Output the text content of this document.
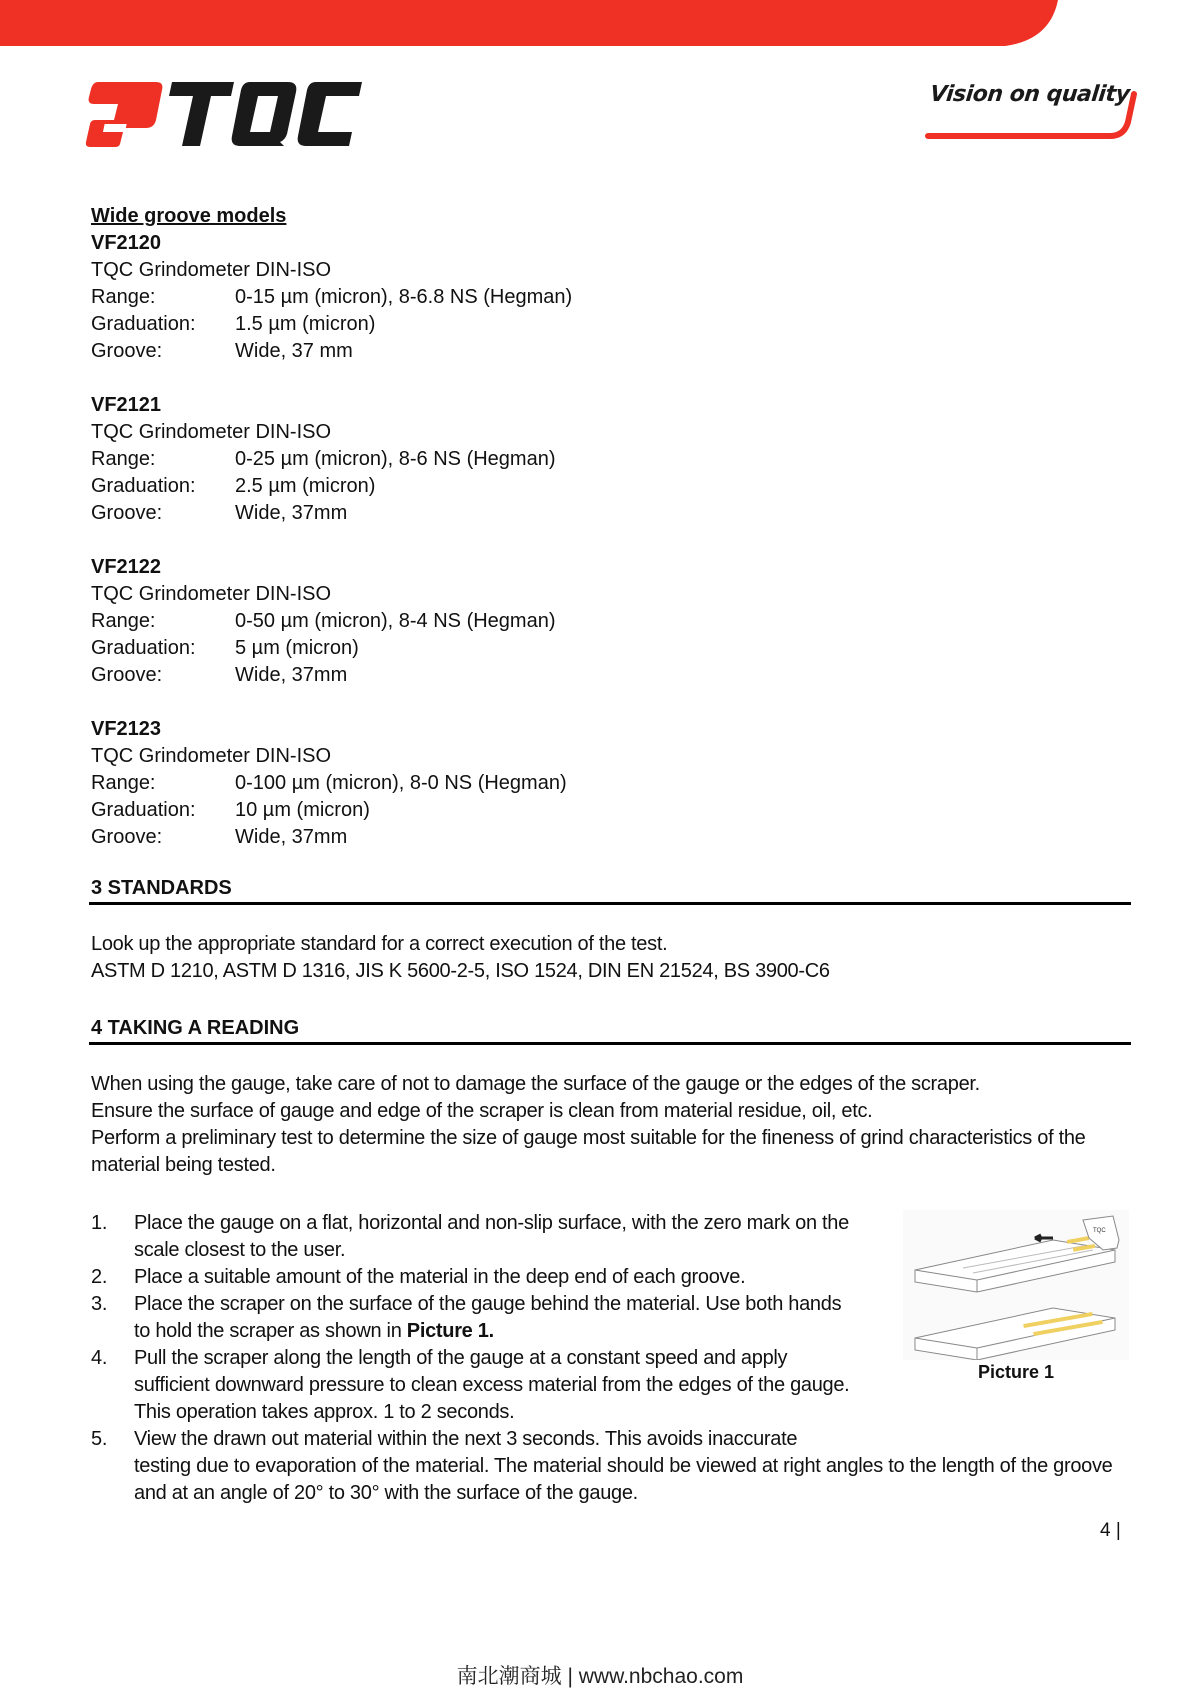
Vision on quality
Wide groove models
VF2120
TQC Grindometer DIN-ISO
Range:	0-15 µm (micron), 8-6.8 NS (Hegman)
Graduation:	1.5 µm (micron)
Groove:	Wide, 37 mm
VF2121
TQC Grindometer DIN-ISO
Range:	0-25 µm (micron), 8-6 NS (Hegman)
Graduation:	2.5 µm (micron)
Groove:	Wide, 37mm
VF2122
TQC Grindometer DIN-ISO
Range:	0-50 µm (micron), 8-4 NS (Hegman)
Graduation:	5 µm (micron)
Groove:	Wide, 37mm
VF2123
TQC Grindometer DIN-ISO
Range:	0-100 µm (micron), 8-0 NS (Hegman)
Graduation:	10 µm (micron)
Groove:	Wide, 37mm
3 STANDARDS
Look up the appropriate standard for a correct execution of the test.
ASTM D 1210, ASTM D 1316, JIS K 5600-2-5, ISO 1524, DIN EN 21524, BS 3900-C6
4 TAKING A READING
When using the gauge, take care of not to damage the surface of the gauge or the edges of the scraper.
Ensure the surface of gauge and edge of the scraper is clean from material residue, oil, etc.
Perform a preliminary test to determine the size of gauge most suitable for the fineness of grind characteristics of the material being tested.
1.	Place the gauge on a flat, horizontal and non-slip surface, with the zero mark on the scale closest to the user.
2.	Place a suitable amount of the material in the deep end of each groove.
3.	Place the scraper on the surface of the gauge behind the material. Use both hands to hold the scraper as shown in Picture 1.
4.	Pull the scraper along the length of the gauge at a constant speed and apply sufficient downward pressure to clean excess material from the edges of the gauge. This operation takes approx. 1 to 2 seconds.
5.	View the drawn out material within the next 3 seconds. This avoids inaccurate
testing due to evaporation of the material. The material should be viewed at right angles to the length of the groove and at an angle of 20° to 30° with the surface of the gauge.
TQC
Picture 1
4 |
南北潮商城 | www.nbchao.com
